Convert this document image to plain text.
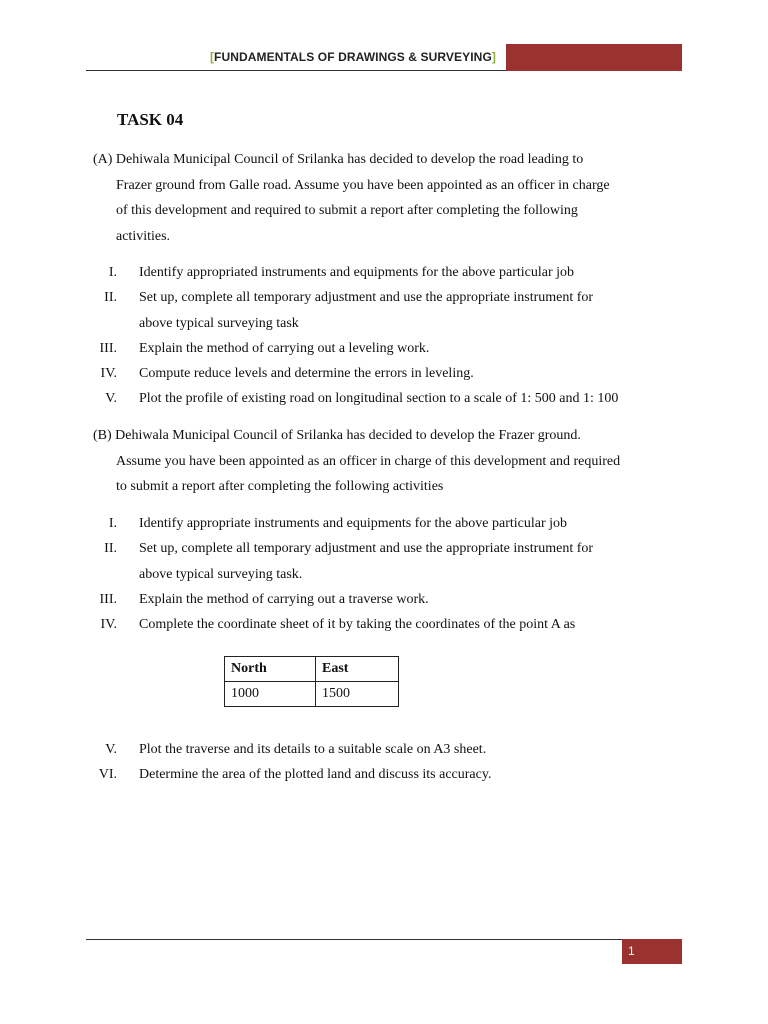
[FUNDAMENTALS OF DRAWINGS & SURVEYING]
TASK 04
(A) Dehiwala Municipal Council of Srilanka has decided to develop the road leading to
Frazer ground from Galle road. Assume you have been appointed as an officer in charge
of this development and required to submit a report after completing the following
activities.
I. Identify appropriated instruments and equipments for the above particular job
II. Set up, complete all temporary adjustment and use the appropriate instrument for
above typical surveying task
III. Explain the method of carrying out a leveling work.
IV. Compute reduce levels and determine the errors in leveling.
V. Plot the profile of existing road on longitudinal section to a scale of 1: 500 and 1: 100
(B) Dehiwala Municipal Council of Srilanka has decided to develop the Frazer ground.
Assume you have been appointed as an officer in charge of this development and required
to submit a report after completing the following activities
I. Identify appropriate instruments and equipments for the above particular job
II. Set up, complete all temporary adjustment and use the appropriate instrument for
above typical surveying task.
III. Explain the method of carrying out a traverse work.
IV. Complete the coordinate sheet of it by taking the coordinates of the point A as
North	East
1000	1500
V. Plot the traverse and its details to a suitable scale on A3 sheet.
VI. Determine the area of the plotted land and discuss its accuracy.
1
